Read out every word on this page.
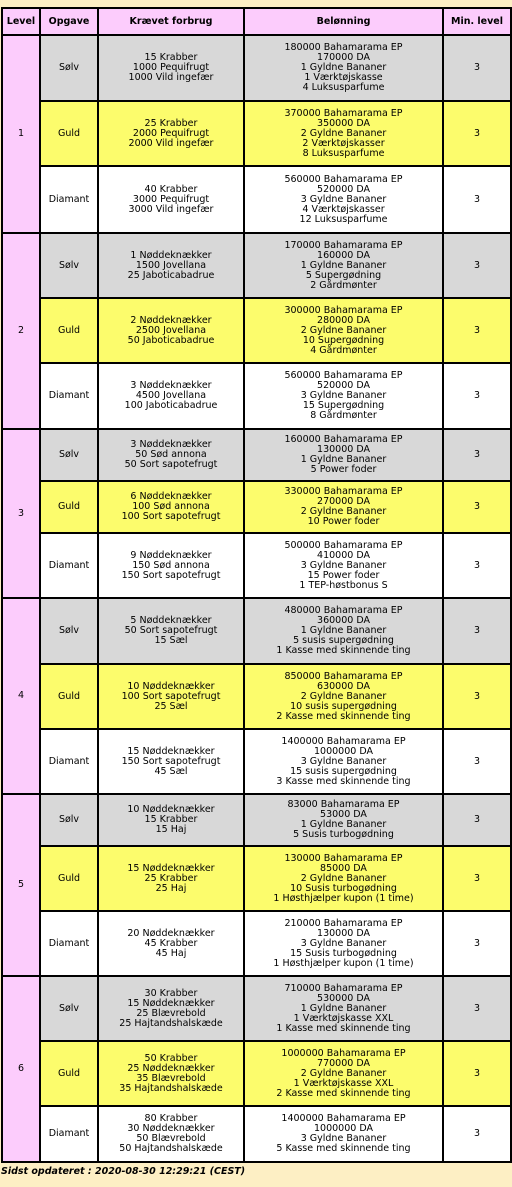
Level	Opgave	Krævet forbrug	Belønning	Min. level
1	Sølv	15 Krabber
1000 Pequifrugt
1000 Vild ingefær	180000 Bahamarama EP
170000 DA
1 Gyldne Bananer
1 Værktøjskasse
4 Luksusparfume	3
	Guld	25 Krabber
2000 Pequifrugt
2000 Vild ingefær	370000 Bahamarama EP
350000 DA
2 Gyldne Bananer
2 Værktøjskasser
8 Luksusparfume	3
	Diamant	40 Krabber
3000 Pequifrugt
3000 Vild ingefær	560000 Bahamarama EP
520000 DA
3 Gyldne Bananer
4 Værktøjskasser
12 Luksusparfume	3
2	Sølv	1 Nøddeknækker
1500 Jovellana
25 Jaboticabadrue	170000 Bahamarama EP
160000 DA
1 Gyldne Bananer
5 Supergødning
2 Gårdmønter	3
	Guld	2 Nøddeknækker
2500 Jovellana
50 Jaboticabadrue	300000 Bahamarama EP
280000 DA
2 Gyldne Bananer
10 Supergødning
4 Gårdmønter	3
	Diamant	3 Nøddeknækker
4500 Jovellana
100 Jaboticabadrue	560000 Bahamarama EP
520000 DA
3 Gyldne Bananer
15 Supergødning
8 Gårdmønter	3
3	Sølv	3 Nøddeknækker
50 Sød annona
50 Sort sapotefrugt	160000 Bahamarama EP
130000 DA
1 Gyldne Bananer
5 Power foder	3
	Guld	6 Nøddeknækker
100 Sød annona
100 Sort sapotefrugt	330000 Bahamarama EP
270000 DA
2 Gyldne Bananer
10 Power foder	3
	Diamant	9 Nøddeknækker
150 Sød annona
150 Sort sapotefrugt	500000 Bahamarama EP
410000 DA
3 Gyldne Bananer
15 Power foder
1 TEP-høstbonus S	3
4	Sølv	5 Nøddeknækker
50 Sort sapotefrugt
15 Sæl	480000 Bahamarama EP
360000 DA
1 Gyldne Bananer
5 susis supergødning
1 Kasse med skinnende ting	3
	Guld	10 Nøddeknækker
100 Sort sapotefrugt
25 Sæl	850000 Bahamarama EP
630000 DA
2 Gyldne Bananer
10 susis supergødning
2 Kasse med skinnende ting	3
	Diamant	15 Nøddeknækker
150 Sort sapotefrugt
45 Sæl	1400000 Bahamarama EP
1000000 DA
3 Gyldne Bananer
15 susis supergødning
3 Kasse med skinnende ting	3
5	Sølv	10 Nøddeknækker
15 Krabber
15 Haj	83000 Bahamarama EP
53000 DA
1 Gyldne Bananer
5 Susis turbogødning	3
	Guld	15 Nøddeknækker
25 Krabber
25 Haj	130000 Bahamarama EP
85000 DA
2 Gyldne Bananer
10 Susis turbogødning
1 Høsthjælper kupon (1 time)	3
	Diamant	20 Nøddeknækker
45 Krabber
45 Haj	210000 Bahamarama EP
130000 DA
3 Gyldne Bananer
15 Susis turbogødning
1 Høsthjælper kupon (1 time)	3
6	Sølv	30 Krabber
15 Nøddeknækker
25 Blævrebold
25 Hajtandshalskæde	710000 Bahamarama EP
530000 DA
1 Gyldne Bananer
1 Værktøjskasse XXL
1 Kasse med skinnende ting	3
	Guld	50 Krabber
25 Nøddeknækker
35 Blævrebold
35 Hajtandshalskæde	1000000 Bahamarama EP
770000 DA
2 Gyldne Bananer
1 Værktøjskasse XXL
2 Kasse med skinnende ting	3
	Diamant	80 Krabber
30 Nøddeknækker
50 Blævrebold
50 Hajtandshalskæde	1400000 Bahamarama EP
1000000 DA
3 Gyldne Bananer
5 Kasse med skinnende ting	3
Sidst opdateret : 2020-08-30 12:29:21 (CEST)
